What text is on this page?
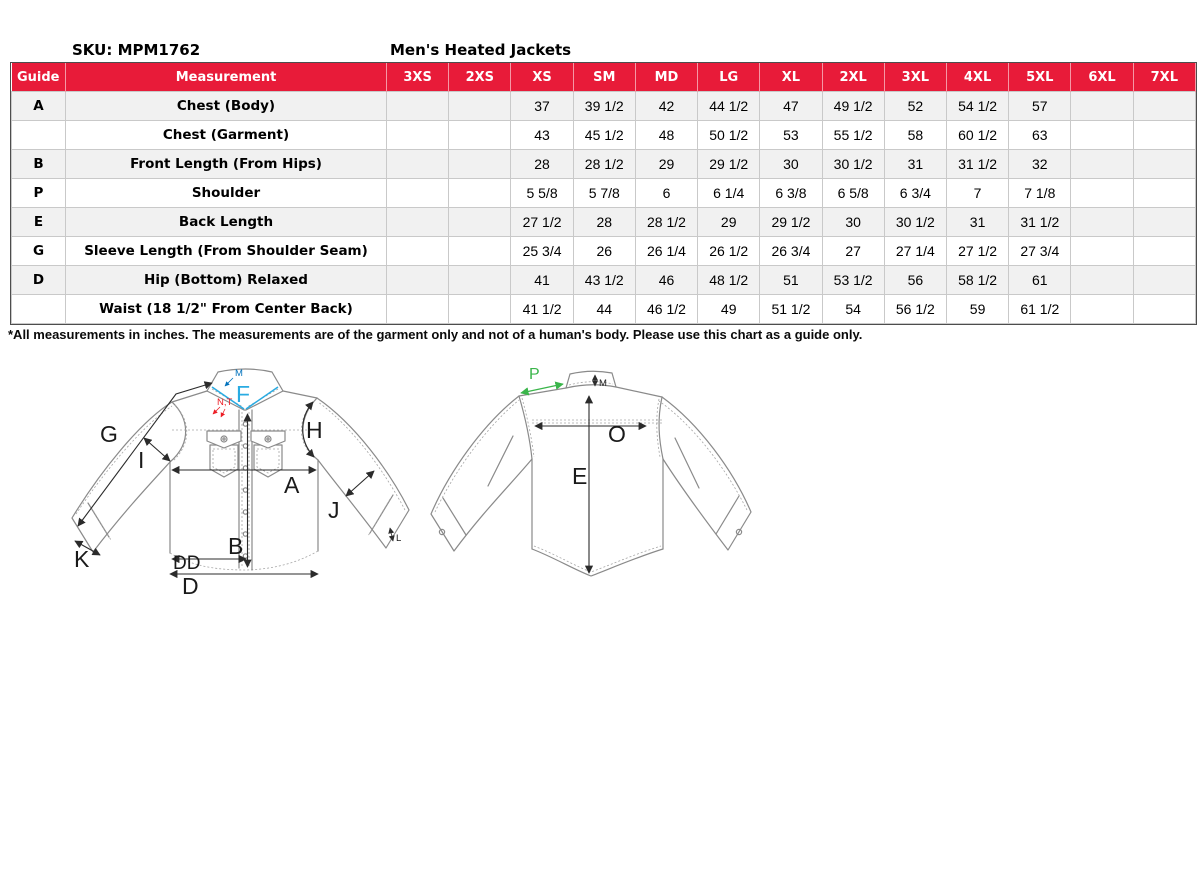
SKU: MPM1762	Men's Heated Jackets
Guide	Measurement	3XS	2XS	XS	SM	MD	LG	XL	2XL	3XL	4XL	5XL	6XL	7XL
A	Chest (Body)			37	39 1/2	42	44 1/2	47	49 1/2	52	54 1/2	57		
	Chest (Garment)			43	45 1/2	48	50 1/2	53	55 1/2	58	60 1/2	63		
B	Front Length (From Hips)			28	28 1/2	29	29 1/2	30	30 1/2	31	31 1/2	32		
P	Shoulder			5 5/8	5 7/8	6	6 1/4	6 3/8	6 5/8	6 3/4	7	7 1/8		
E	Back Length			27 1/2	28	28 1/2	29	29 1/2	30	30 1/2	31	31 1/2		
G	Sleeve Length (From Shoulder Seam)			25 3/4	26	26 1/4	26 1/2	26 3/4	27	27 1/4	27 1/2	27 3/4		
D	Hip (Bottom) Relaxed			41	43 1/2	46	48 1/2	51	53 1/2	56	58 1/2	61		
	Waist (18 1/2" From Center Back)			41 1/2	44	46 1/2	49	51 1/2	54	56 1/2	59	61 1/2		
*All measurements in inches. The measurements are of the garment only and not of a human's body. Please use this chart as a guide only.
G
I
F
M
N,T
H
A
J
B
K
L
DD
D
P
M
O
E
